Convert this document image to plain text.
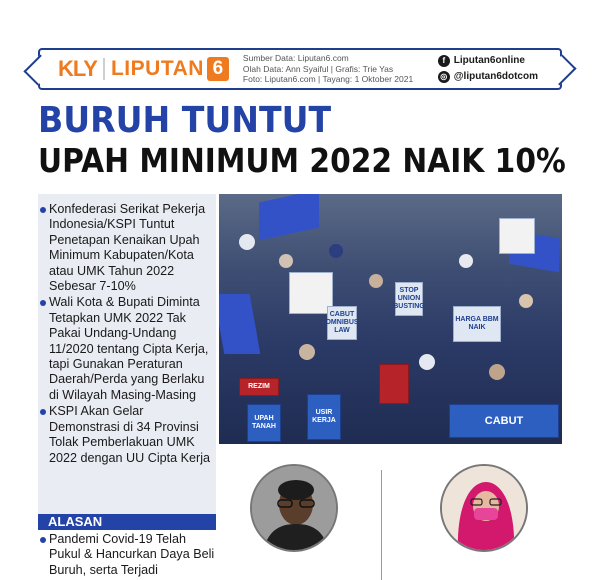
KLY LIPUTAN 6	Sumber Data: Liputan6.com
Olah Data: Ann Syaiful | Grafis: Trie Yas
Foto: Liputan6.com | Tayang: 1 Oktober 2021
f Liputan6online
◎ @liputan6dotcom
BURUH TUNTUT
UPAH MINIMUM 2022 NAIK 10%
Konfederasi Serikat Pekerja Indonesia/KSPI Tuntut Penetapan Kenaikan Upah Minimum Kabupaten/Kota atau UMK Tahun 2022 Sebesar 7-10%
Wali Kota & Bupati Diminta Tetapkan UMK 2022 Tak Pakai Undang-Undang 11/2020 tentang Cipta Kerja, tapi Gunakan Peraturan Daerah/Perda yang Berlaku di Wilayah Masing-Masing
KSPI Akan Gelar Demonstrasi di 34 Provinsi Tolak Pemberlakuan UMK 2022 dengan UU Cipta Kerja
ALASAN
Pandemi Covid-19 Telah Pukul & Hancurkan Daya Beli Buruh, serta Terjadi
CABUT OMNIBUS LAW
STOP UNION BUSTING
HARGA BBM NAIK
REZIM
UPAH TANAH
USIR KERJA	CABUT
